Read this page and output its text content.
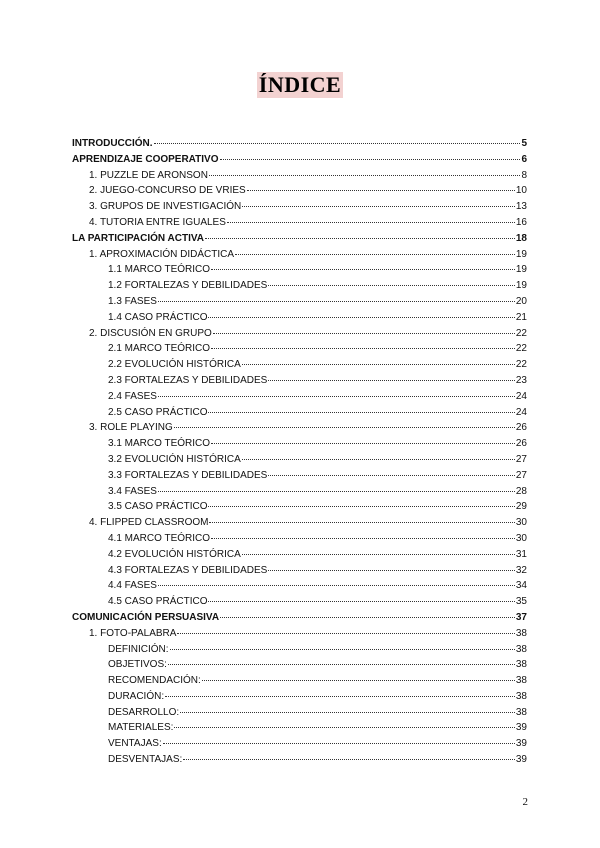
ÍNDICE
INTRODUCCIÓN.	5
APRENDIZAJE COOPERATIVO	6
1. PUZZLE DE ARONSON	8
2. JUEGO-CONCURSO DE VRIES	10
3. GRUPOS DE INVESTIGACIÓN	13
4. TUTORIA ENTRE IGUALES	16
LA PARTICIPACIÓN ACTIVA	18
1. APROXIMACIÓN DIDÁCTICA	19
1.1 MARCO TEÓRICO	19
1.2 FORTALEZAS Y DEBILIDADES	19
1.3 FASES	20
1.4 CASO PRÁCTICO	21
2. DISCUSIÓN EN GRUPO	22
2.1 MARCO TEÓRICO	22
2.2 EVOLUCIÓN HISTÓRICA	22
2.3 FORTALEZAS Y DEBILIDADES	23
2.4 FASES	24
2.5 CASO PRÁCTICO	24
3. ROLE PLAYING	26
3.1 MARCO TEÓRICO	26
3.2 EVOLUCIÓN HISTÓRICA	27
3.3 FORTALEZAS Y DEBILIDADES	27
3.4 FASES	28
3.5 CASO PRÁCTICO	29
4. FLIPPED CLASSROOM	30
4.1 MARCO TEÓRICO	30
4.2 EVOLUCIÓN HISTÓRICA	31
4.3 FORTALEZAS Y DEBILIDADES	32
4.4 FASES	34
4.5 CASO PRÁCTICO	35
COMUNICACIÓN PERSUASIVA	37
1. FOTO-PALABRA	38
DEFINICIÓN:	38
OBJETIVOS:	38
RECOMENDACIÓN:	38
DURACIÓN:	38
DESARROLLO:	38
MATERIALES:	39
VENTAJAS:	39
DESVENTAJAS:	39
2
